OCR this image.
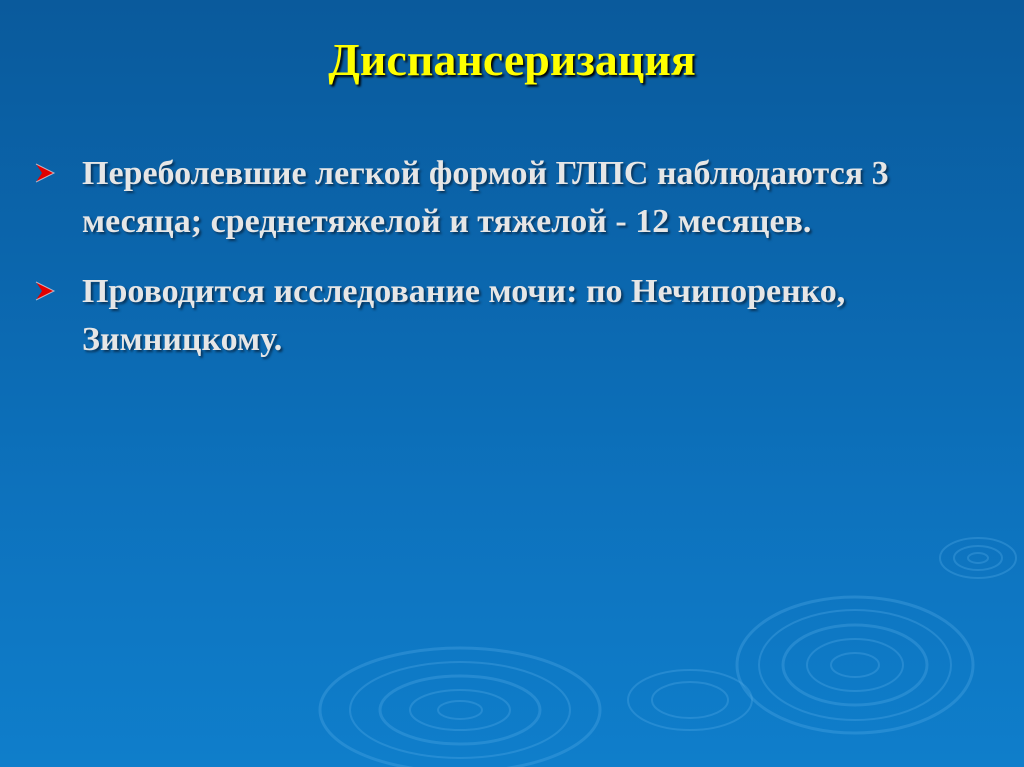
Диспансеризация
Переболевшие легкой формой ГЛПС наблюдаются 3 месяца; среднетяжелой и тяжелой - 12 месяцев.
Проводится исследование мочи: по Нечипоренко, Зимницкому.
